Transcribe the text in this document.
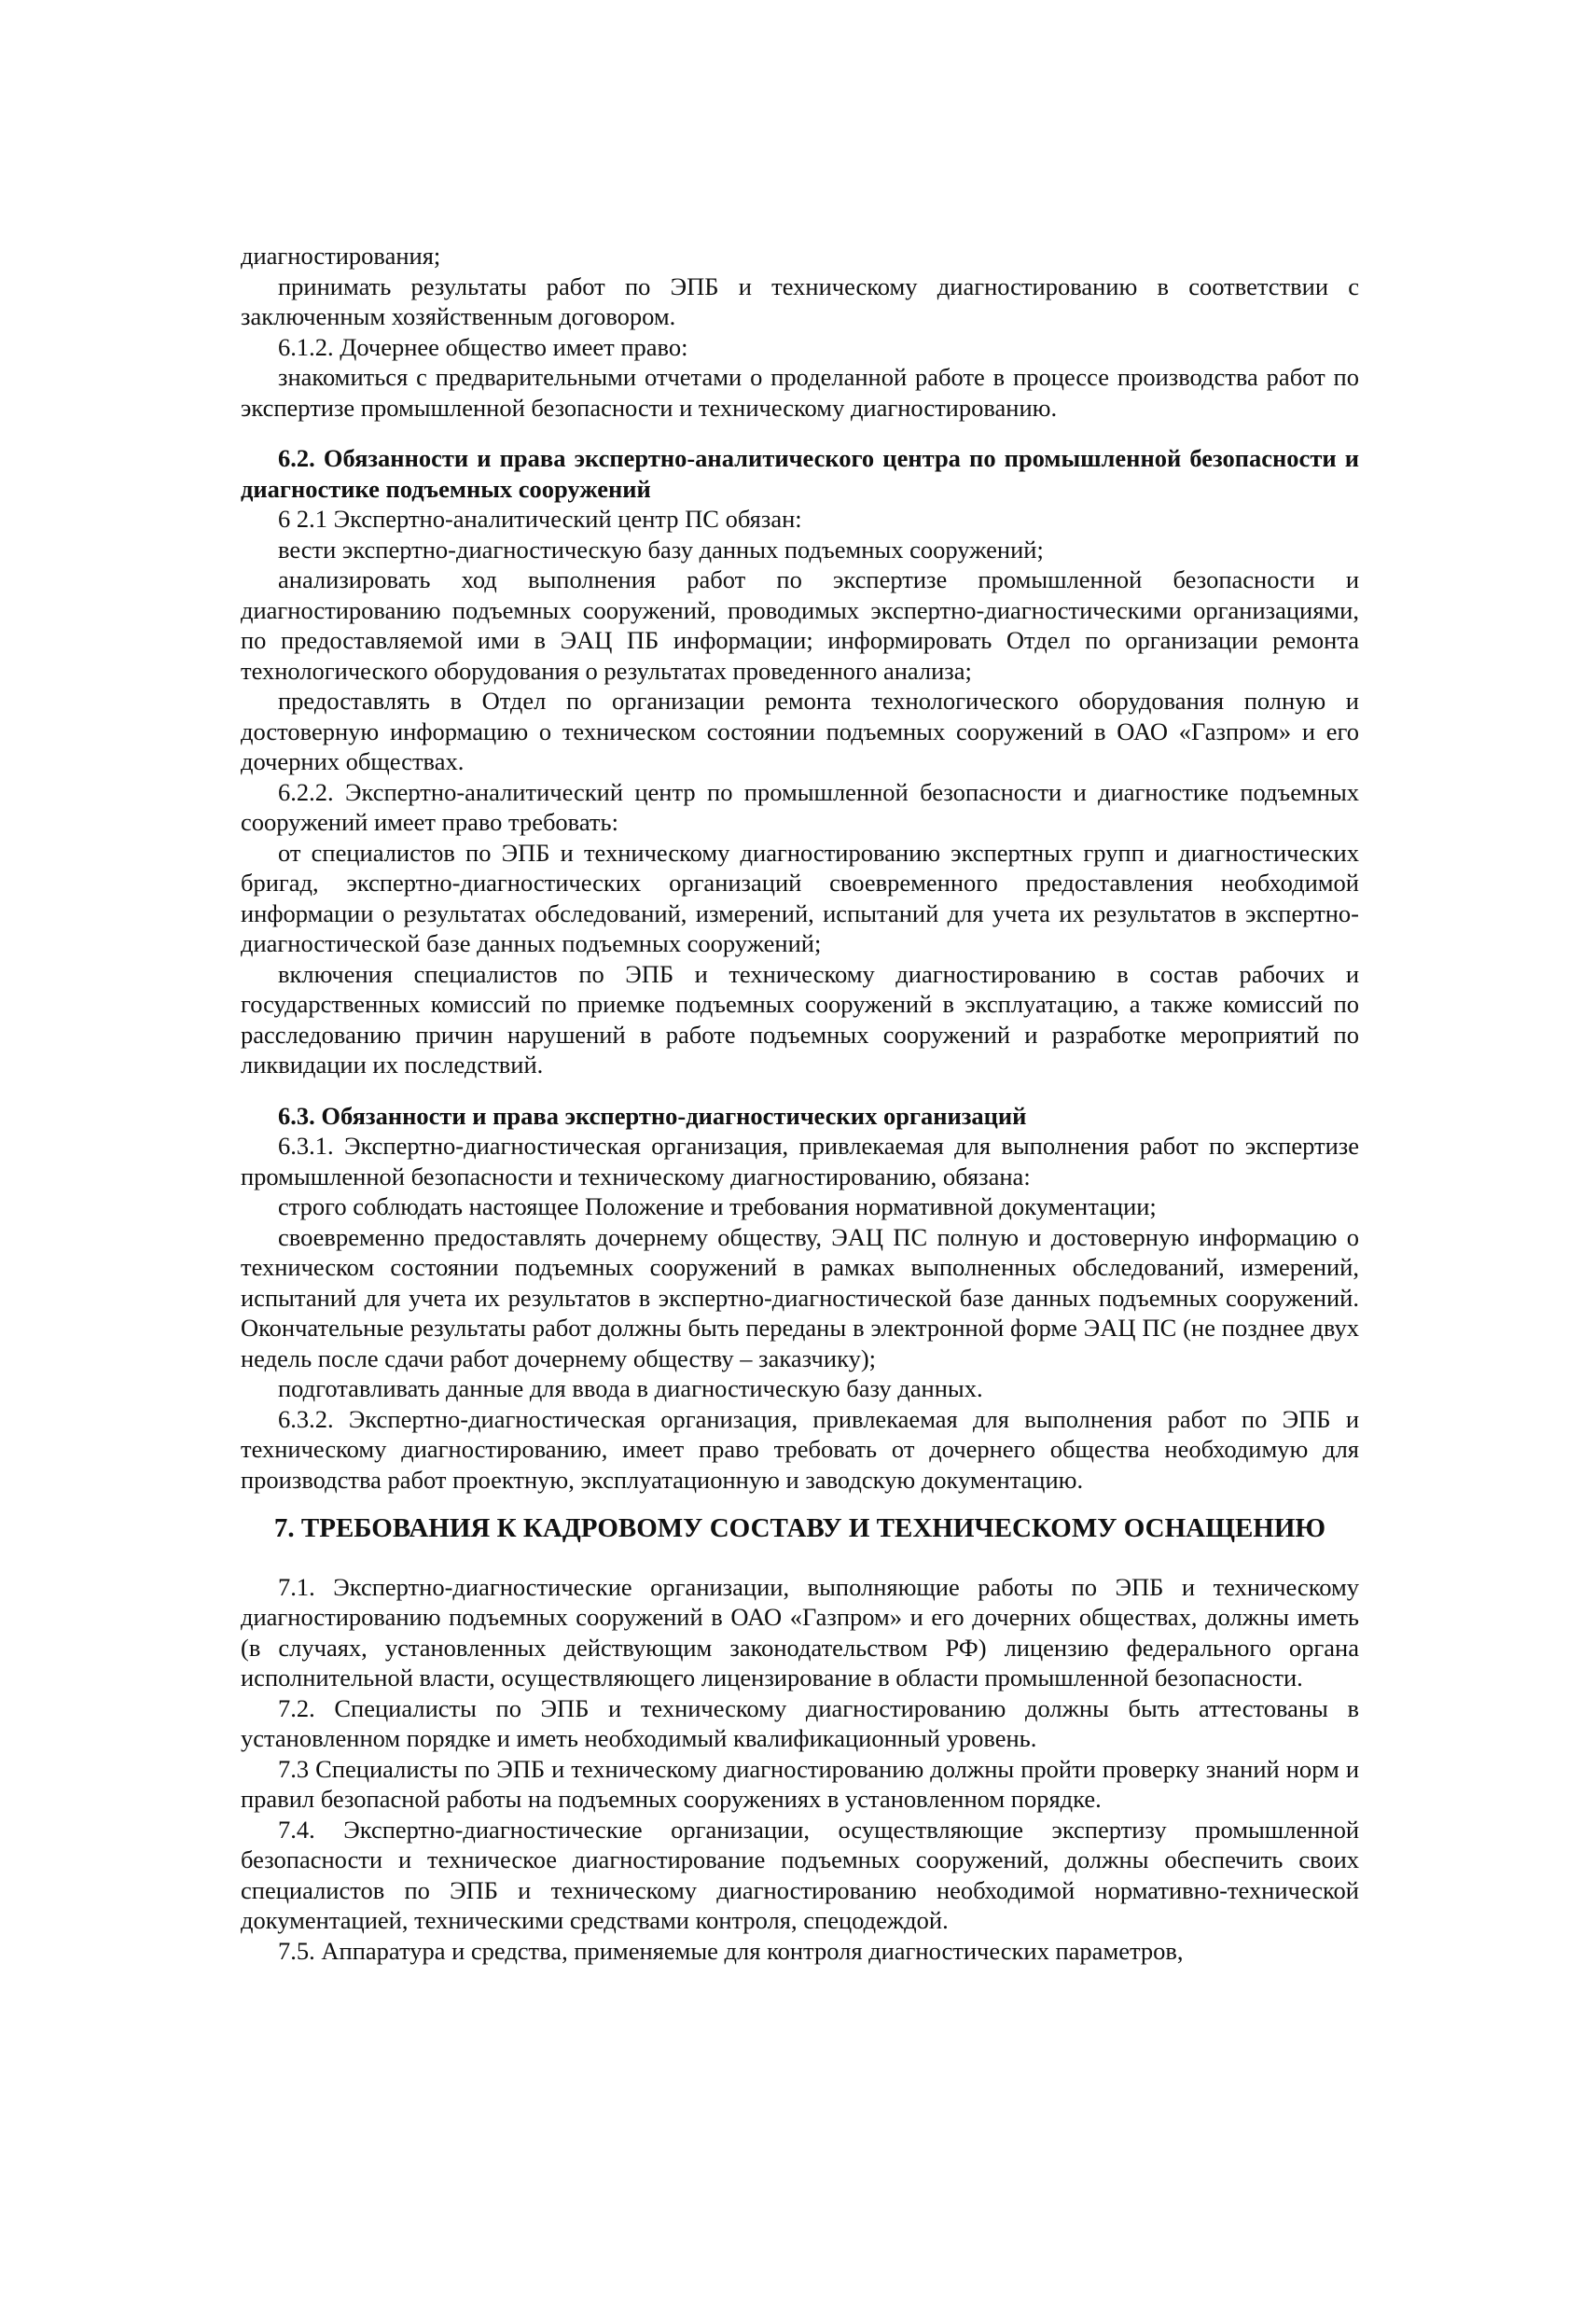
диагностирования;

принимать результаты работ по ЭПБ и техническому диагностированию в соответствии с заключенным хозяйственным договором.

6.1.2. Дочернее общество имеет право:

знакомиться с предварительными отчетами о проделанной работе в процессе производства работ по экспертизе промышленной безопасности и техническому диагностированию.

6.2. Обязанности и права экспертно-аналитического центра по промышленной безопасности и диагностике подъемных сооружений

6 2.1 Экспертно-аналитический центр ПС обязан:

вести экспертно-диагностическую базу данных подъемных сооружений;

анализировать ход выполнения работ по экспертизе промышленной безопасности и диагностированию подъемных сооружений, проводимых экспертно-диагностическими организациями, по предоставляемой ими в ЭАЦ ПБ информации; информировать Отдел по организации ремонта технологического оборудования о результатах проведенного анализа;

предоставлять в Отдел по организации ремонта технологического оборудования полную и достоверную информацию о техническом состоянии подъемных сооружений в ОАО «Газпром» и его дочерних обществах.

6.2.2. Экспертно-аналитический центр по промышленной безопасности и диагностике подъемных сооружений имеет право требовать:

от специалистов по ЭПБ и техническому диагностированию экспертных групп и диагностических бригад, экспертно-диагностических организаций своевременного предоставления необходимой информации о результатах обследований, измерений, испытаний для учета их результатов в экспертно-диагностической базе данных подъемных сооружений;

включения специалистов по ЭПБ и техническому диагностированию в состав рабочих и государственных комиссий по приемке подъемных сооружений в эксплуатацию, а также комиссий по расследованию причин нарушений в работе подъемных сооружений и разработке мероприятий по ликвидации их последствий.

6.3. Обязанности и права экспертно-диагностических организаций

6.3.1. Экспертно-диагностическая организация, привлекаемая для выполнения работ по экспертизе промышленной безопасности и техническому диагностированию, обязана:

строго соблюдать настоящее Положение и требования нормативной документации;

своевременно предоставлять дочернему обществу, ЭАЦ ПС полную и достоверную информацию о техническом состоянии подъемных сооружений в рамках выполненных обследований, измерений, испытаний для учета их результатов в экспертно-диагностической базе данных подъемных сооружений. Окончательные результаты работ должны быть переданы в электронной форме ЭАЦ ПС (не позднее двух недель после сдачи работ дочернему обществу – заказчику);

подготавливать данные для ввода в диагностическую базу данных.

6.3.2. Экспертно-диагностическая организация, привлекаемая для выполнения работ по ЭПБ и техническому диагностированию, имеет право требовать от дочернего общества необходимую для производства работ проектную, эксплуатационную и заводскую документацию.

7. ТРЕБОВАНИЯ К КАДРОВОМУ СОСТАВУ И ТЕХНИЧЕСКОМУ ОСНАЩЕНИЮ

7.1. Экспертно-диагностические организации, выполняющие работы по ЭПБ и техническому диагностированию подъемных сооружений в ОАО «Газпром» и его дочерних обществах, должны иметь (в случаях, установленных действующим законодательством РФ) лицензию федерального органа исполнительной власти, осуществляющего лицензирование в области промышленной безопасности.

7.2. Специалисты по ЭПБ и техническому диагностированию должны быть аттестованы в установленном порядке и иметь необходимый квалификационный уровень.

7.3 Специалисты по ЭПБ и техническому диагностированию должны пройти проверку знаний норм и правил безопасной работы на подъемных сооружениях в установленном порядке.

7.4. Экспертно-диагностические организации, осуществляющие экспертизу промышленной безопасности и техническое диагностирование подъемных сооружений, должны обеспечить своих специалистов по ЭПБ и техническому диагностированию необходимой нормативно-технической документацией, техническими средствами контроля, спецодеждой.

7.5. Аппаратура и средства, применяемые для контроля диагностических параметров,
